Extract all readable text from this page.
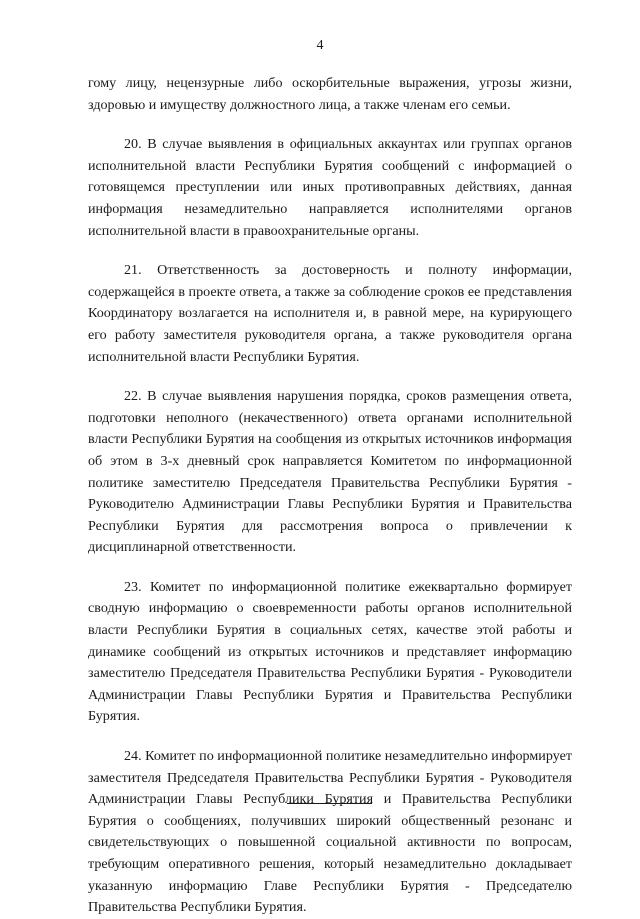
4

гому лицу, нецензурные либо оскорбительные выражения, угрозы жизни, здоровью и имуществу должностного лица, а также членам его семьи.

20. В случае выявления в официальных аккаунтах или группах органов исполнительной власти Республики Бурятия сообщений с информацией о готовящемся преступлении или иных противоправных действиях, данная информация незамедлительно направляется исполнителями органов исполнительной власти в правоохранительные органы.

21. Ответственность за достоверность и полноту информации, содержащейся в проекте ответа, а также за соблюдение сроков ее представления Координатору возлагается на исполнителя и, в равной мере, на курирующего его работу заместителя руководителя органа, а также руководителя органа исполнительной власти Республики Бурятия.

22. В случае выявления нарушения порядка, сроков размещения ответа, подготовки неполного (некачественного) ответа органами исполнительной власти Республики Бурятия на сообщения из открытых источников информация об этом в 3-х дневный срок направляется Комитетом по информационной политике заместителю Председателя Правительства Республики Бурятия - Руководителю Администрации Главы Республики Бурятия и Правительства Республики Бурятия для рассмотрения вопроса о привлечении к дисциплинарной ответственности.

23. Комитет по информационной политике ежеквартально формирует сводную информацию о своевременности работы органов исполнительной власти Республики Бурятия в социальных сетях, качестве этой работы и динамике сообщений из открытых источников и представляет информацию заместителю Председателя Правительства Республики Бурятия - Руководители Администрации Главы Республики Бурятия и Правительства Республики Бурятия.

24. Комитет по информационной политике незамедлительно информирует заместителя Председателя Правительства Республики Бурятия - Руководителя Администрации Главы Республики Бурятия и Правительства Республики Бурятия о сообщениях, получивших широкий общественный резонанс и свидетельствующих о повышенной социальной активности по вопросам, требующим оперативного решения, который незамедлительно докладывает указанную информацию Главе Республики Бурятия - Председателю Правительства Республики Бурятия.
